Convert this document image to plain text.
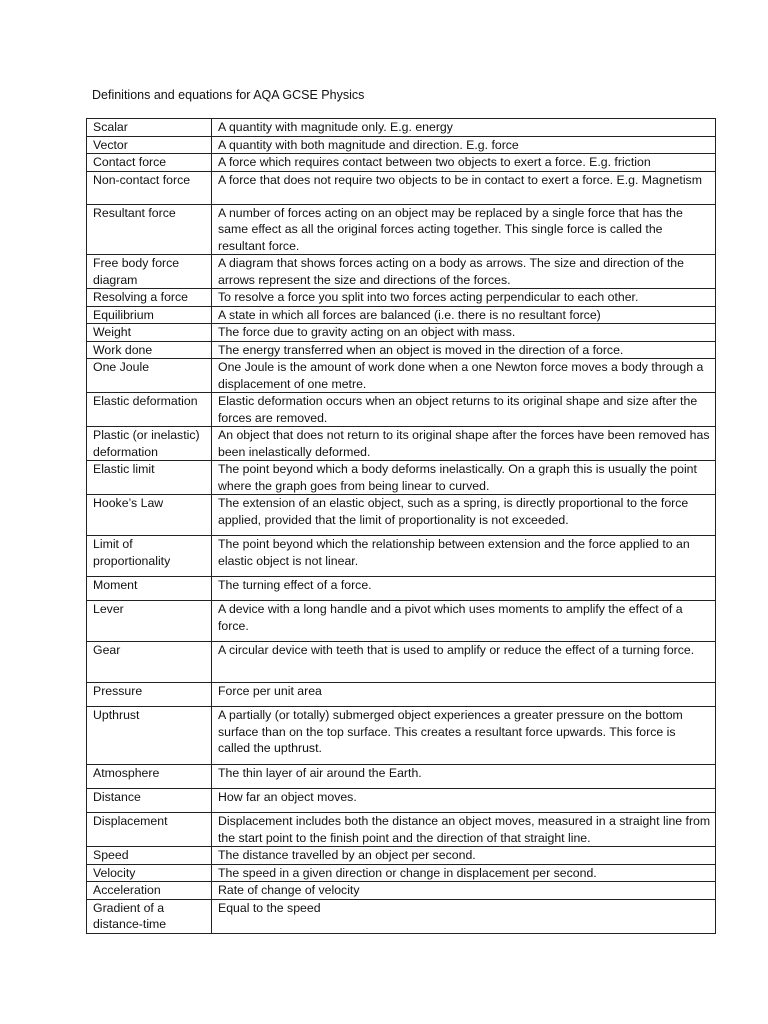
Definitions and equations for AQA GCSE Physics
Scalar	A quantity with magnitude only. E.g. energy
Vector	A quantity with both magnitude and direction. E.g. force
Contact force	A force which requires contact between two objects to exert a force. E.g. friction
Non-contact force	A force that does not require two objects to be in contact to exert a force. E.g. Magnetism
Resultant force	A number of forces acting on an object may be replaced by a single force that has the same effect as all the original forces acting together. This single force is called the resultant force.
Free body force diagram	A diagram that shows forces acting on a body as arrows. The size and direction of the arrows represent the size and directions of the forces.
Resolving a force	To resolve a force you split into two forces acting perpendicular to each other.
Equilibrium	A state in which all forces are balanced (i.e. there is no resultant force)
Weight	The force due to gravity acting on an object with mass.
Work done	The energy transferred when an object is moved in the direction of a force.
One Joule	One Joule is the amount of work done when a one Newton force moves a body through a displacement of one metre.
Elastic deformation	Elastic deformation occurs when an object returns to its original shape and size after the forces are removed.
Plastic (or inelastic) deformation	An object that does not return to its original shape after the forces have been removed has been inelastically deformed.
Elastic limit	The point beyond which a body deforms inelastically. On a graph this is usually the point where the graph goes from being linear to curved.
Hooke’s Law	The extension of an elastic object, such as a spring, is directly proportional to the force applied, provided that the limit of proportionality is not exceeded.
Limit of proportionality	The point beyond which the relationship between extension and the force applied to an elastic object is not linear.
Moment	The turning effect of a force.
Lever	A device with a long handle and a pivot which uses moments to amplify the effect of a force.
Gear	A circular device with teeth that is used to amplify or reduce the effect of a turning force.
Pressure	Force per unit area
Upthrust	A partially (or totally) submerged object experiences a greater pressure on the bottom surface than on the top surface. This creates a resultant force upwards. This force is called the upthrust.
Atmosphere	The thin layer of air around the Earth.
Distance	How far an object moves.
Displacement	Displacement includes both the distance an object moves, measured in a straight line from the start point to the finish point and the direction of that straight line.
Speed	The distance travelled by an object per second.
Velocity	The speed in a given direction or change in displacement per second.
Acceleration	Rate of change of velocity
Gradient of a distance-time	Equal to the speed
